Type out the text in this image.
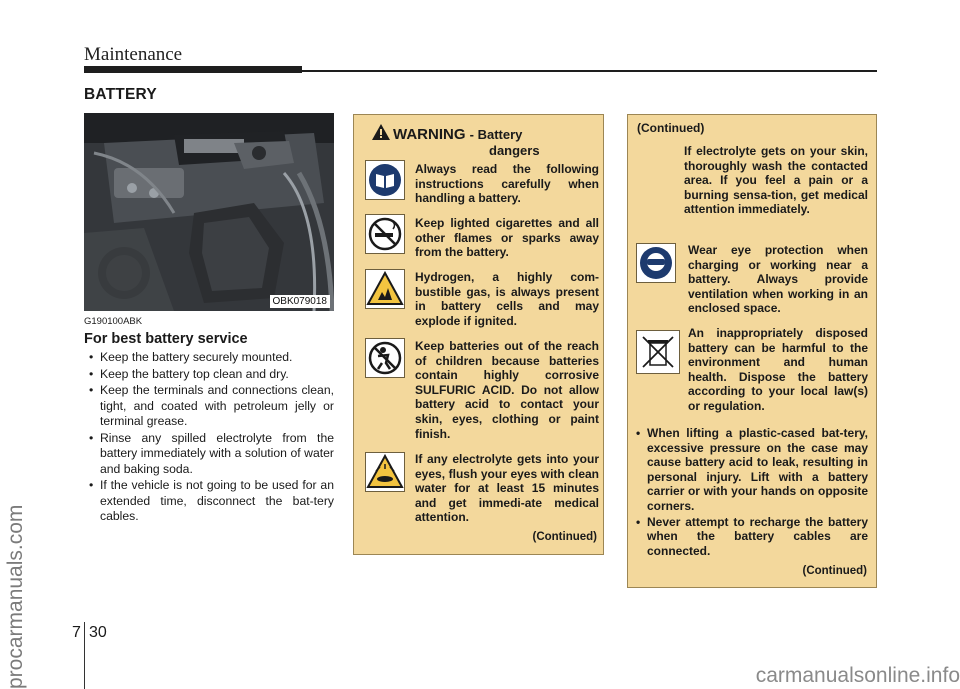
Maintenance
BATTERY
OBK079018
G190100ABK
For best battery service
• Keep the battery securely mounted.
• Keep the battery top clean and dry.
• Keep the terminals and connections clean, tight, and coated with petroleum jelly or terminal grease.
• Rinse any spilled electrolyte from the battery immediately with a solution of water and baking soda.
• If the vehicle is not going to be used for an extended time, disconnect the bat-tery cables.
WARNING - Battery
dangers
Always read the following instructions carefully when handling a battery.
Keep lighted cigarettes and all other flames or sparks away from the battery.
Hydrogen, a highly com-bustible gas, is always present in battery cells and may explode if ignited.
Keep batteries out of the reach of children because batteries contain highly corrosive SULFURIC ACID. Do not allow battery acid to contact your skin, eyes, clothing or paint finish.
If any electrolyte gets into your eyes, flush your eyes with clean water for at least 15 minutes and get immedi-ate medical attention.
(Continued)
(Continued)
If electrolyte gets on your skin, thoroughly wash the contacted area. If you feel a pain or a burning sensa-tion, get medical attention immediately.
Wear eye protection when charging or working near a battery. Always provide ventilation when working in an enclosed space.
An inappropriately disposed battery can be harmful to the environment and human health. Dispose the battery according to your local law(s) or regulation.
• When lifting a plastic-cased bat-tery, excessive pressure on the case may cause battery acid to leak, resulting in personal injury. Lift with a battery carrier or with your hands on opposite corners.
• Never attempt to recharge the battery when the battery cables are connected.
(Continued)
7 30
procarmanuals.com	carmanualsonline.info
